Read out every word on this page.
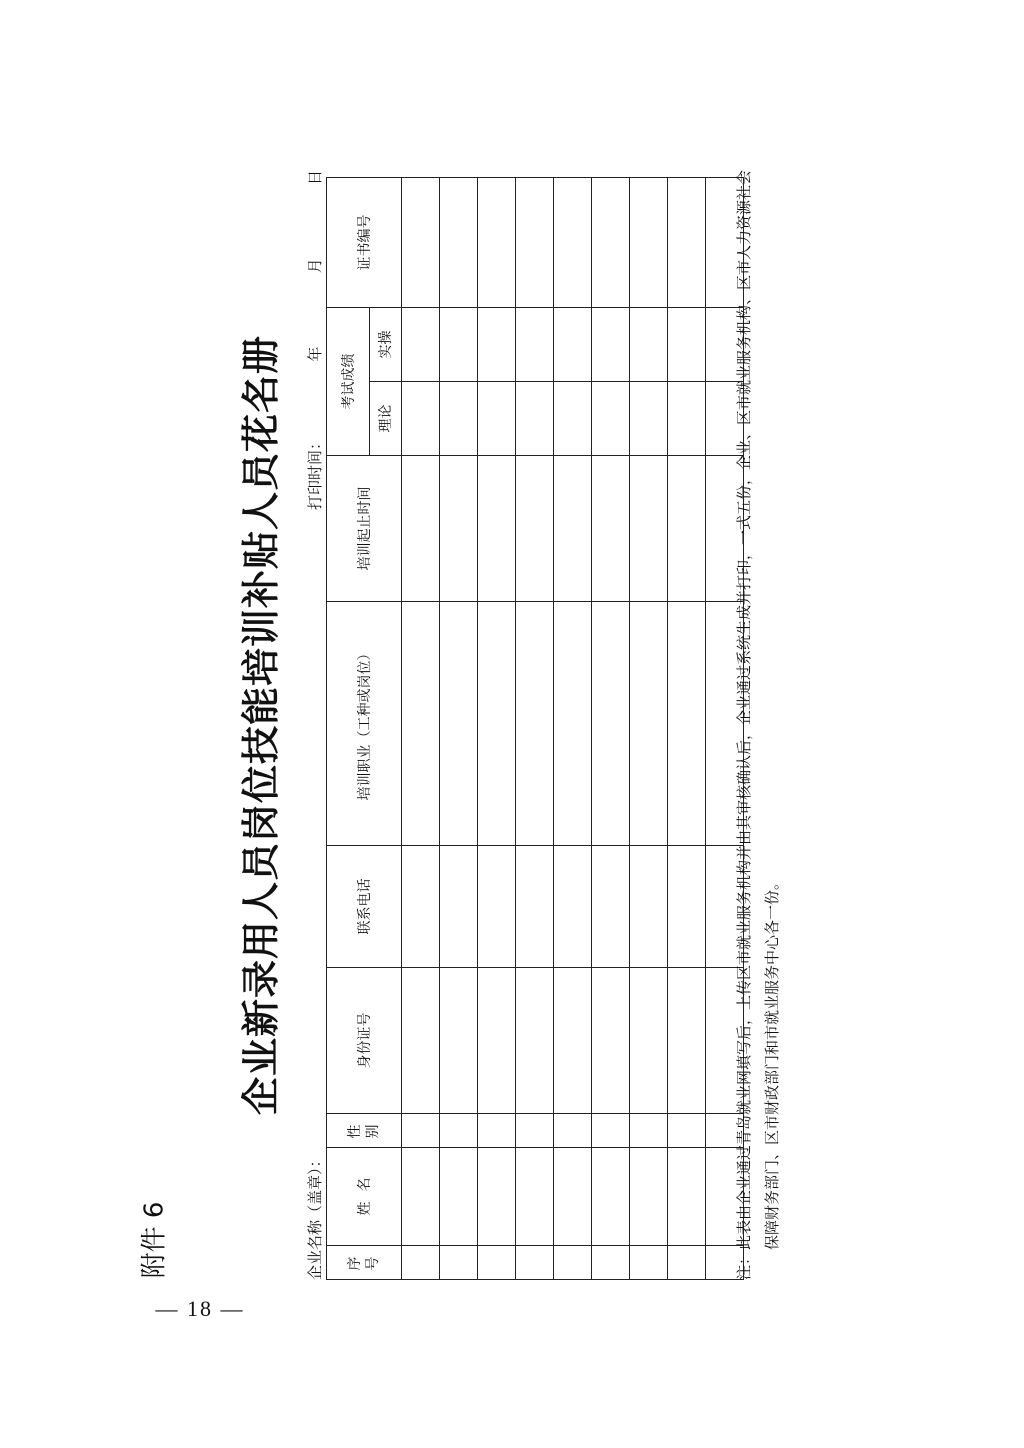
附件 6
— 18 —
企业新录用人员岗位技能培训补贴人员花名册
企业名称（盖章）：
打印时间：
年
月
日
序 号	姓名	性 别	身份证号	联系电话	培训职业（工种或岗位）	培训起止时间	考试成绩		证书编号
							理论	实操	

注：
此表由企业通过青岛就业网填写后，上传区市就业服务机构并由其审核确认后，企业通过系统生成并打印，一式五份，企业、区市就业服务机构、区市人力资源社会保障财务部门、区市财政部门和市就业服务中心各一份。
